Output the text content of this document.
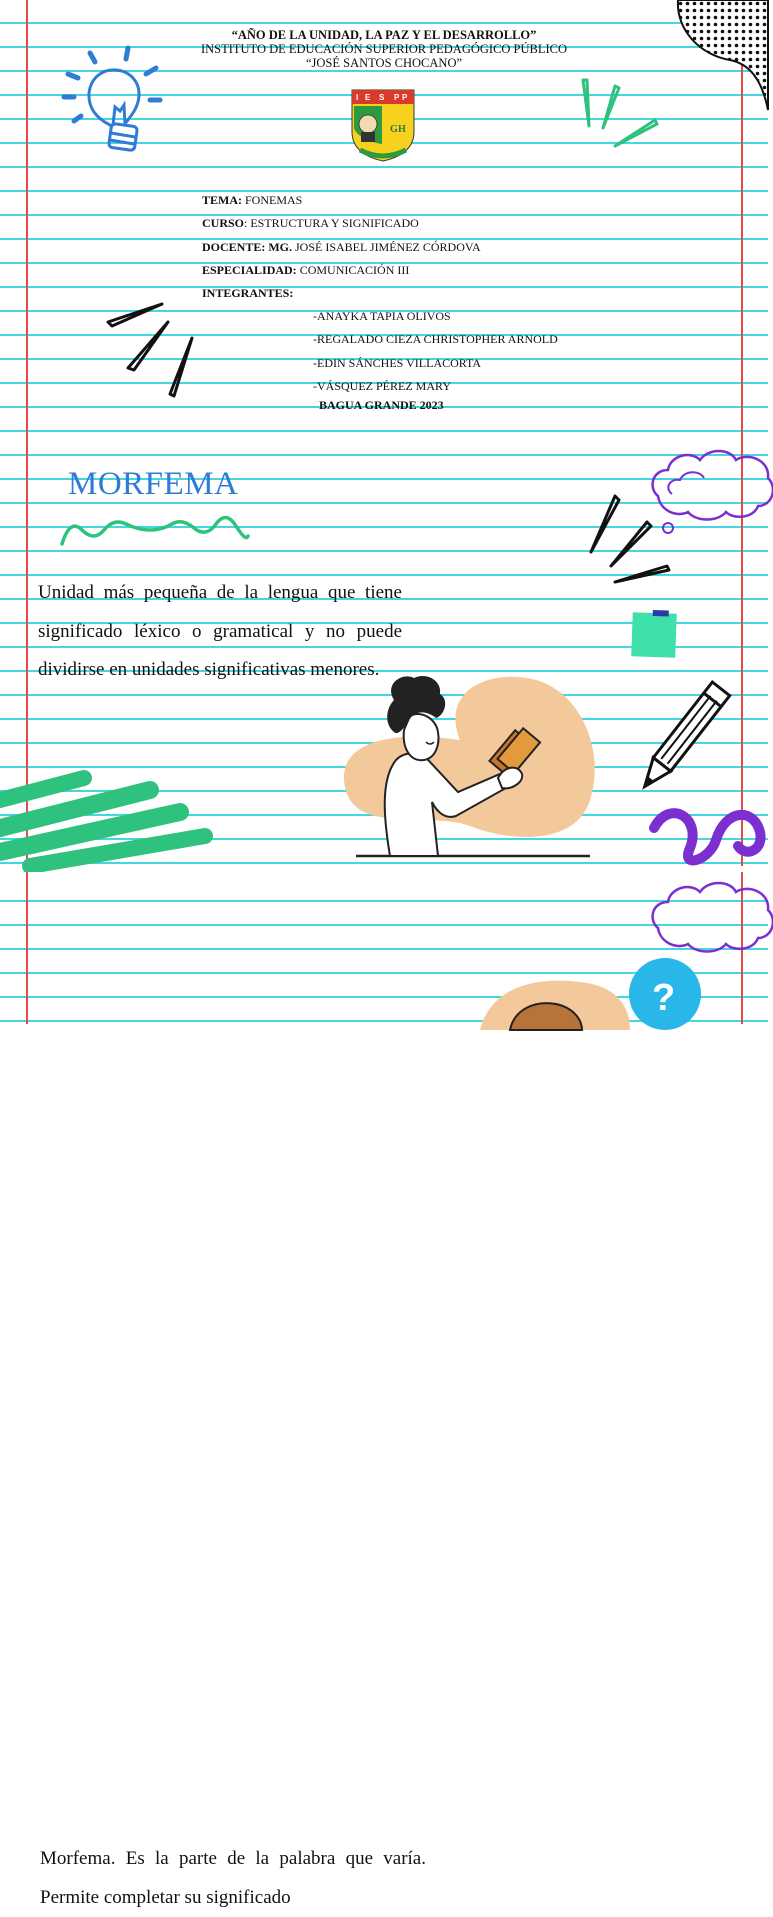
“AÑO DE LA UNIDAD, LA PAZ Y EL DESARROLLO”
INSTITUTO DE EDUCACIÓN SUPERIOR PEDAGÓGICO PÚBLICO
“JOSÉ SANTOS CHOCANO”
I E S P P
G H
TEMA: FONEMAS
CURSO: ESTRUCTURA Y SIGNIFICADO
DOCENTE: MG. JOSÉ ISABEL JIMÉNEZ CÓRDOVA
ESPECIALIDAD: COMUNICACIÓN III
INTEGRANTES:
-ANAYKA TAPIA OLIVOS
-REGALADO CIEZA CHRISTOPHER ARNOLD
-EDIN SÁNCHES VILLACORTA
-VÁSQUEZ PÉREZ MARY
BAGUA GRANDE 2023
MORFEMA
Unidad más pequeña de la lengua que tiene significado léxico o gramatical y no puede dividirse en unidades significativas menores.
Morfema. Es la parte de la palabra que varía. Permite completar su significado
?
